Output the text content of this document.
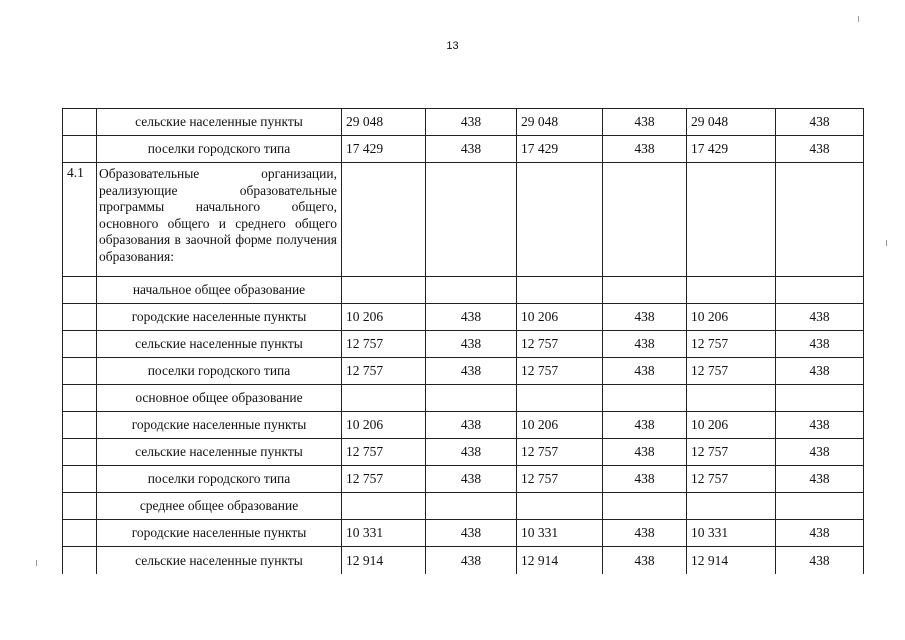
13
	сельские населенные пункты	29 048	438	29 048	438	29 048	438
	поселки городского типа	17 429	438	17 429	438	17 429	438
4.1	Образовательные организации, реализующие образовательные программы начального общего, основного общего и среднего общего образования в заочной форме получения образования:						
	начальное общее образование						
	городские населенные пункты	10 206	438	10 206	438	10 206	438
	сельские населенные пункты	12 757	438	12 757	438	12 757	438
	поселки городского типа	12 757	438	12 757	438	12 757	438
	основное общее образование						
	городские населенные пункты	10 206	438	10 206	438	10 206	438
	сельские населенные пункты	12 757	438	12 757	438	12 757	438
	поселки городского типа	12 757	438	12 757	438	12 757	438
	среднее общее образование						
	городские населенные пункты	10 331	438	10 331	438	10 331	438
	сельские населенные пункты	12 914	438	12 914	438	12 914	438
